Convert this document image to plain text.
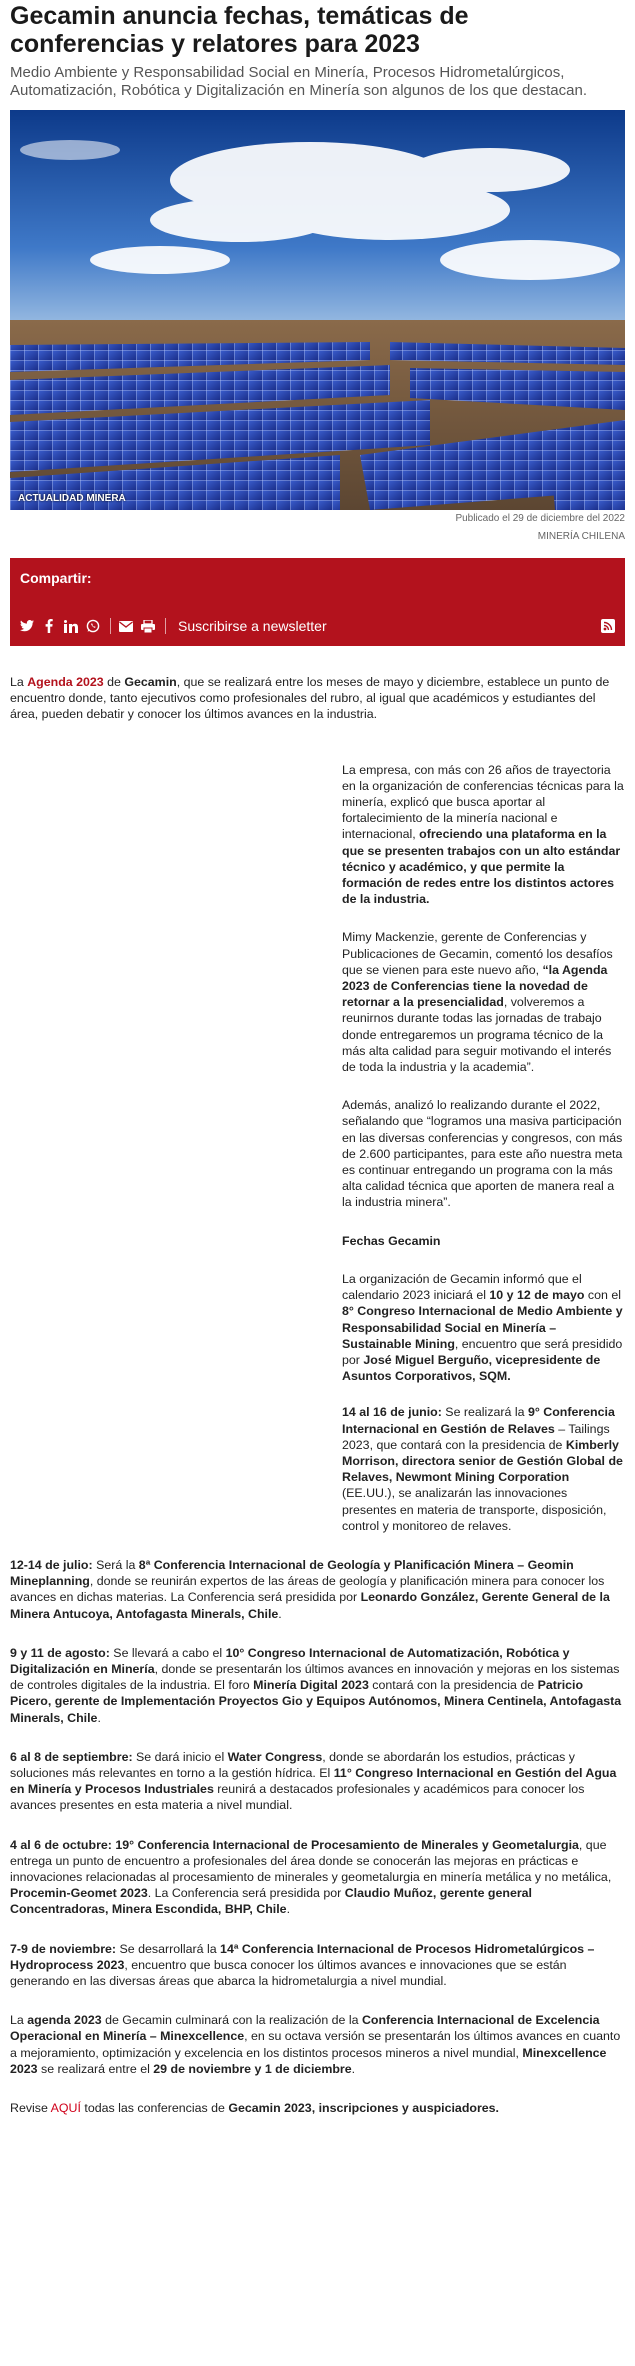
Gecamin anuncia fechas, temáticas de conferencias y relatores para 2023

Medio Ambiente y Responsabilidad Social en Minería, Procesos Hidrometalúrgicos, Automatización, Robótica y Digitalización en Minería son algunos de los que destacan.

ACTUALIDAD MINERA
Publicado el 29 de diciembre del 2022
MINERÍA CHILENA
Compartir:
Suscribirse a newsletter

La Agenda 2023 de Gecamin, que se realizará entre los meses de mayo y diciembre, establece un punto de encuentro donde, tanto ejecutivos como profesionales del rubro, al igual que académicos y estudiantes del área, pueden debatir y conocer los últimos avances en la industria.

La empresa, con más con 26 años de trayectoria en la organización de conferencias técnicas para la minería, explicó que busca aportar al fortalecimiento de la minería nacional e internacional, ofreciendo una plataforma en la que se presenten trabajos con un alto estándar técnico y académico, y que permite la formación de redes entre los distintos actores de la industria.

Mimy Mackenzie, gerente de Conferencias y Publicaciones de Gecamin, comentó los desafíos que se vienen para este nuevo año, “la Agenda 2023 de Conferencias tiene la novedad de retornar a la presencialidad, volveremos a reunirnos durante todas las jornadas de trabajo donde entregaremos un programa técnico de la más alta calidad para seguir motivando el interés de toda la industria y la academia”.

Además, analizó lo realizando durante el 2022, señalando que “logramos una masiva participación en las diversas conferencias y congresos, con más de 2.600 participantes, para este año nuestra meta es continuar entregando un programa con la más alta calidad técnica que aporten de manera real a la industria minera”.

Fechas Gecamin

La organización de Gecamin informó que el calendario 2023 iniciará el 10 y 12 de mayo con el 8° Congreso Internacional de Medio Ambiente y Responsabilidad Social en Minería – Sustainable Mining, encuentro que será presidido por José Miguel Berguño, vicepresidente de Asuntos Corporativos, SQM.

14 al 16 de junio: Se realizará la 9° Conferencia Internacional en Gestión de Relaves – Tailings 2023, que contará con la presidencia de Kimberly Morrison, directora senior de Gestión Global de Relaves, Newmont Mining Corporation (EE.UU.), se analizarán las innovaciones presentes en materia de transporte, disposición, control y monitoreo de relaves.

12-14 de julio: Será la 8ª Conferencia Internacional de Geología y Planificación Minera – Geomin Mineplanning, donde se reunirán expertos de las áreas de geología y planificación minera para conocer los avances en dichas materias. La Conferencia será presidida por Leonardo González, Gerente General de la Minera Antucoya, Antofagasta Minerals, Chile.

9 y 11 de agosto: Se llevará a cabo el 10° Congreso Internacional de Automatización, Robótica y Digitalización en Minería, donde se presentarán los últimos avances en innovación y mejoras en los sistemas de controles digitales de la industria. El foro Minería Digital 2023 contará con la presidencia de Patricio Picero, gerente de Implementación Proyectos Gio y Equipos Autónomos, Minera Centinela, Antofagasta Minerals, Chile.

6 al 8 de septiembre: Se dará inicio el Water Congress, donde se abordarán los estudios, prácticas y soluciones más relevantes en torno a la gestión hídrica. El 11° Congreso Internacional en Gestión del Agua en Minería y Procesos Industriales reunirá a destacados profesionales y académicos para conocer los avances presentes en esta materia a nivel mundial.

4 al 6 de octubre: 19° Conferencia Internacional de Procesamiento de Minerales y Geometalurgia, que entrega un punto de encuentro a profesionales del área donde se conocerán las mejoras en prácticas e innovaciones relacionadas al procesamiento de minerales y geometalurgia en minería metálica y no metálica, Procemin-Geomet 2023. La Conferencia será presidida por Claudio Muñoz, gerente general Concentradoras, Minera Escondida, BHP, Chile.

7-9 de noviembre: Se desarrollará la 14ª Conferencia Internacional de Procesos Hidrometalúrgicos – Hydroprocess 2023, encuentro que busca conocer los últimos avances e innovaciones que se están generando en las diversas áreas que abarca la hidrometalurgia a nivel mundial.

La agenda 2023 de Gecamin culminará con la realización de la Conferencia Internacional de Excelencia Operacional en Minería – Minexcellence, en su octava versión se presentarán los últimos avances en cuanto a mejoramiento, optimización y excelencia en los distintos procesos mineros a nivel mundial, Minexcellence 2023 se realizará entre el 29 de noviembre y 1 de diciembre.

Revise AQUÍ todas las conferencias de Gecamin 2023, inscripciones y auspiciadores.
